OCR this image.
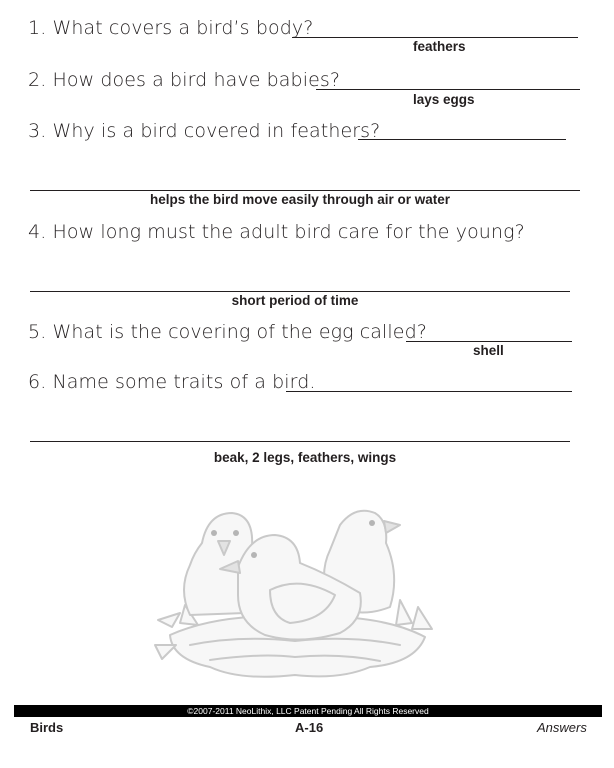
1. What covers a bird’s body?
feathers
2. How does a bird have babies?
lays eggs
3. Why is a bird covered in feathers?
helps the bird move easily through air or water
4. How long must the adult bird care for the young?
short period of time
5. What is the covering of the egg called?
shell
6. Name some traits of a bird.
beak, 2 legs, feathers, wings
©2007-2011 NeoLithix, LLC Patent Pending All Rights Reserved
Birds	A-16	Answers
